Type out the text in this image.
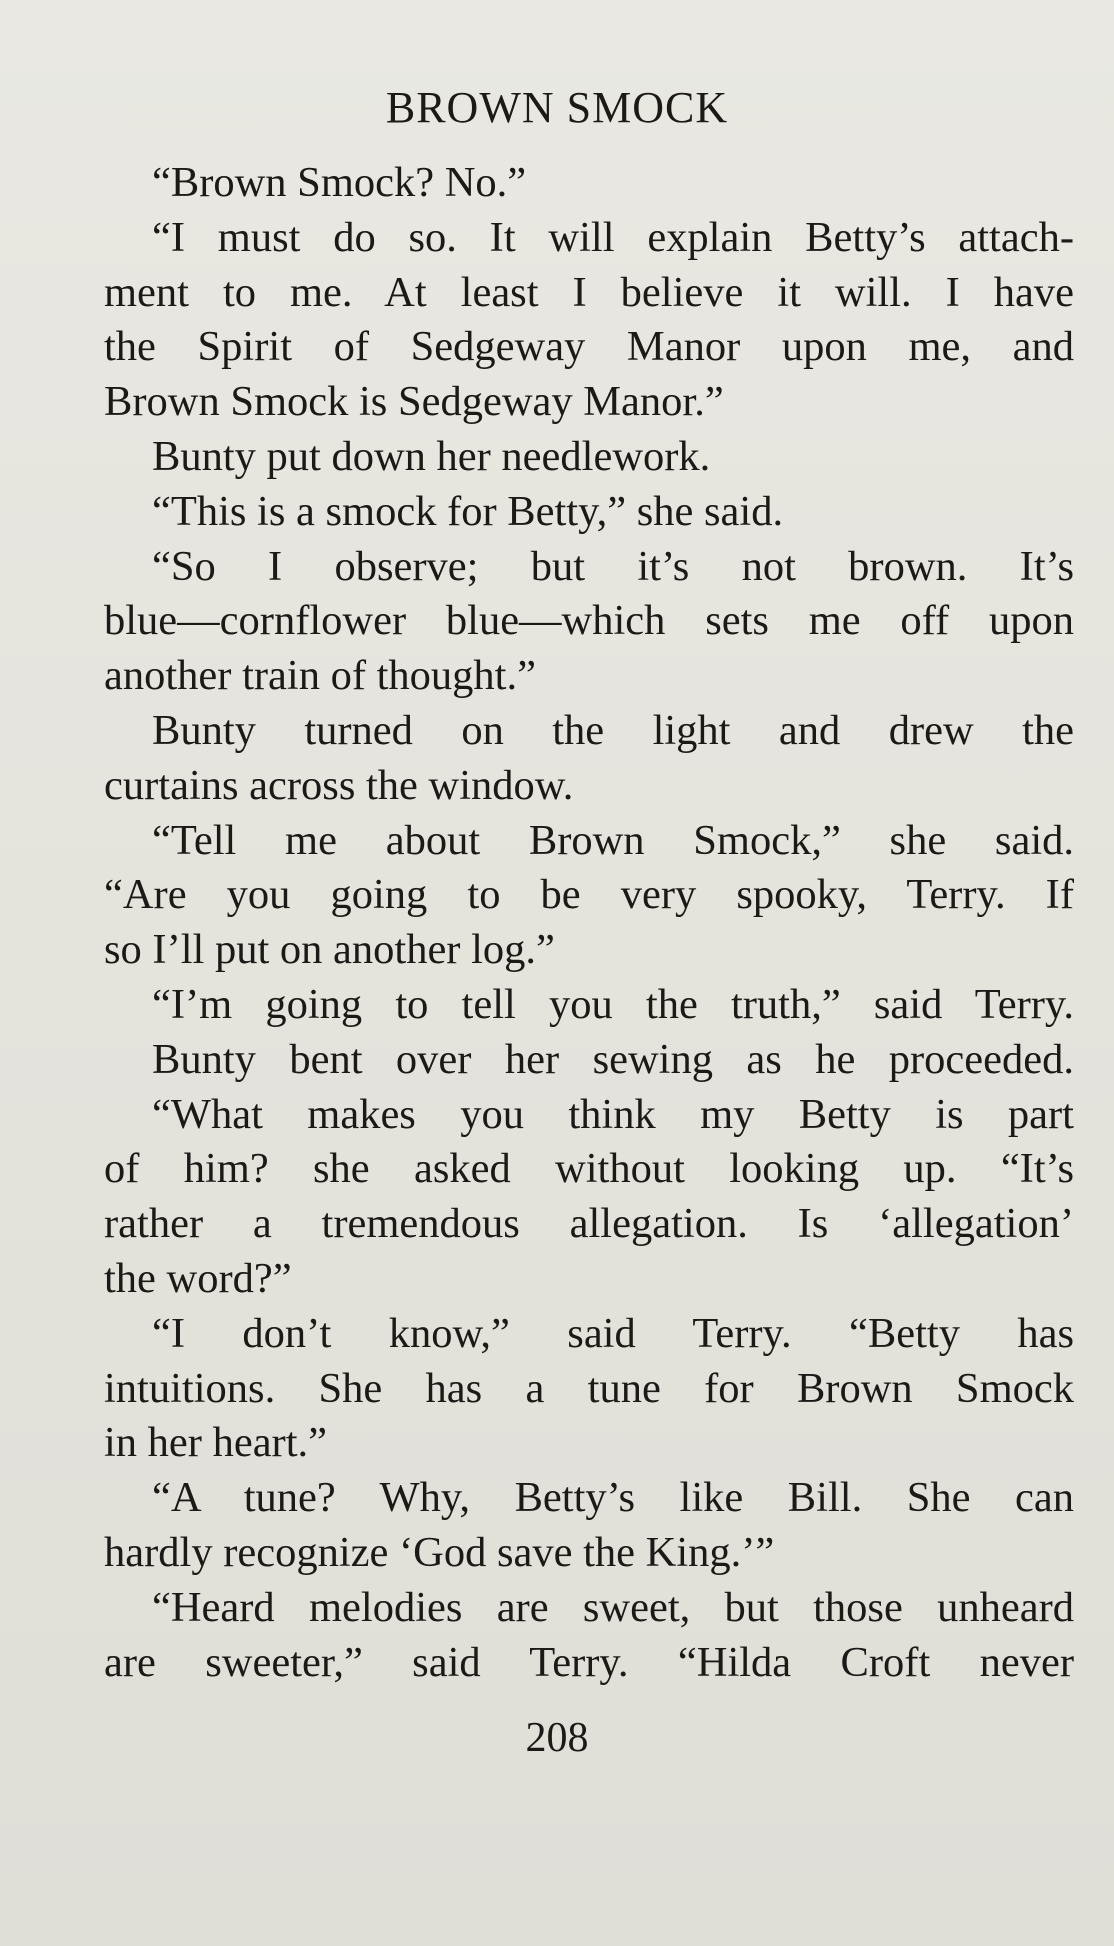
BROWN SMOCK
“Brown Smock? No.”
“I must do so. It will explain Betty’s attach-
ment to me. At least I believe it will. I have
the Spirit of Sedgeway Manor upon me, and
Brown Smock is Sedgeway Manor.”
Bunty put down her needlework.
“This is a smock for Betty,” she said.
“So I observe; but it’s not brown. It’s
blue—cornflower blue—which sets me off upon
another train of thought.”
Bunty turned on the light and drew the
curtains across the window.
“Tell me about Brown Smock,” she said.
“Are you going to be very spooky, Terry. If
so I’ll put on another log.”
“I’m going to tell you the truth,” said Terry.
Bunty bent over her sewing as he proceeded.
“What makes you think my Betty is part
of him? she asked without looking up. “It’s
rather a tremendous allegation. Is ‘allegation’
the word?”
“I don’t know,” said Terry. “Betty has
intuitions. She has a tune for Brown Smock
in her heart.”
“A tune? Why, Betty’s like Bill. She can
hardly recognize ‘God save the King.’”
“Heard melodies are sweet, but those unheard
are sweeter,” said Terry. “Hilda Croft never
208
